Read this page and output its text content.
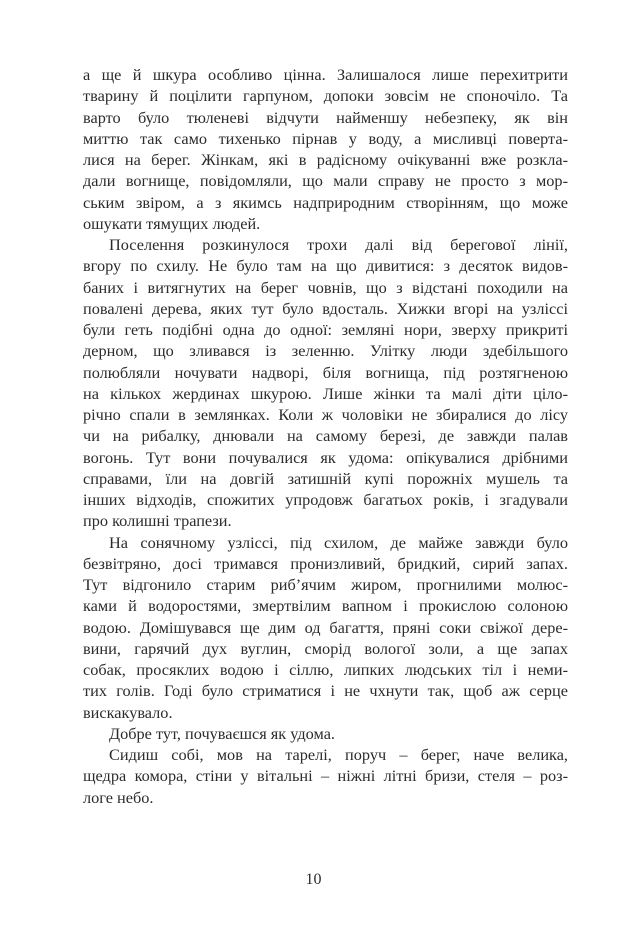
а ще й шкура особливо цінна. Залишалося лише перехитрити
тварину й поцілити гарпуном, допоки зовсім не споночіло. Та
варто було тюленеві відчути найменшу небезпеку, як він
миттю так само тихенько пірнав у воду, а мисливці поверта-
лися на берег. Жінкам, які в радісному очікуванні вже розкла-
дали вогнище, повідомляли, що мали справу не просто з мор-
ським звіром, а з якимсь надприродним створінням, що може
ошукати тямущих людей.
Поселення розкинулося трохи далі від берегової лінії,
вгору по схилу. Не було там на що дивитися: з десяток видов-
баних і витягнутих на берег човнів, що з відстані походили на
повалені дерева, яких тут було вдосталь. Хижки вгорі на узліссі
були геть подібні одна до одної: земляні нори, зверху прикриті
дерном, що зливався із зеленню. Улітку люди здебільшого
полюбляли ночувати надворі, біля вогнища, під розтягненою
на кількох жердинах шкурою. Лише жінки та малі діти ціло-
річно спали в землянках. Коли ж чоловіки не збиралися до лісу
чи на рибалку, днювали на самому березі, де завжди палав
вогонь. Тут вони почувалися як удома: опікувалися дрібними
справами, їли на довгій затишній купі порожніх мушель та
інших відходів, спожитих упродовж багатьох років, і згадували
про колишні трапези.
На сонячному узліссі, під схилом, де майже завжди було
безвітряно, досі тримався пронизливий, бридкий, сирий запах.
Тут відгонило старим риб’ячим жиром, прогнилими молюс-
ками й водоростями, змертвілим вапном і прокислою солоною
водою. Домішувався ще дим од багаття, пряні соки свіжої дере-
вини, гарячий дух вуглин, сморід вологої золи, а ще запах
собак, просяклих водою і сіллю, липких людських тіл і неми-
тих голів. Годі було стриматися і не чхнути так, щоб аж серце
вискакувало.
Добре тут, почуваєшся як удома.
Сидиш собі, мов на тарелі, поруч – берег, наче велика,
щедра комора, стіни у вітальні – ніжні літні бризи, стеля – роз-
логе небо.
10
